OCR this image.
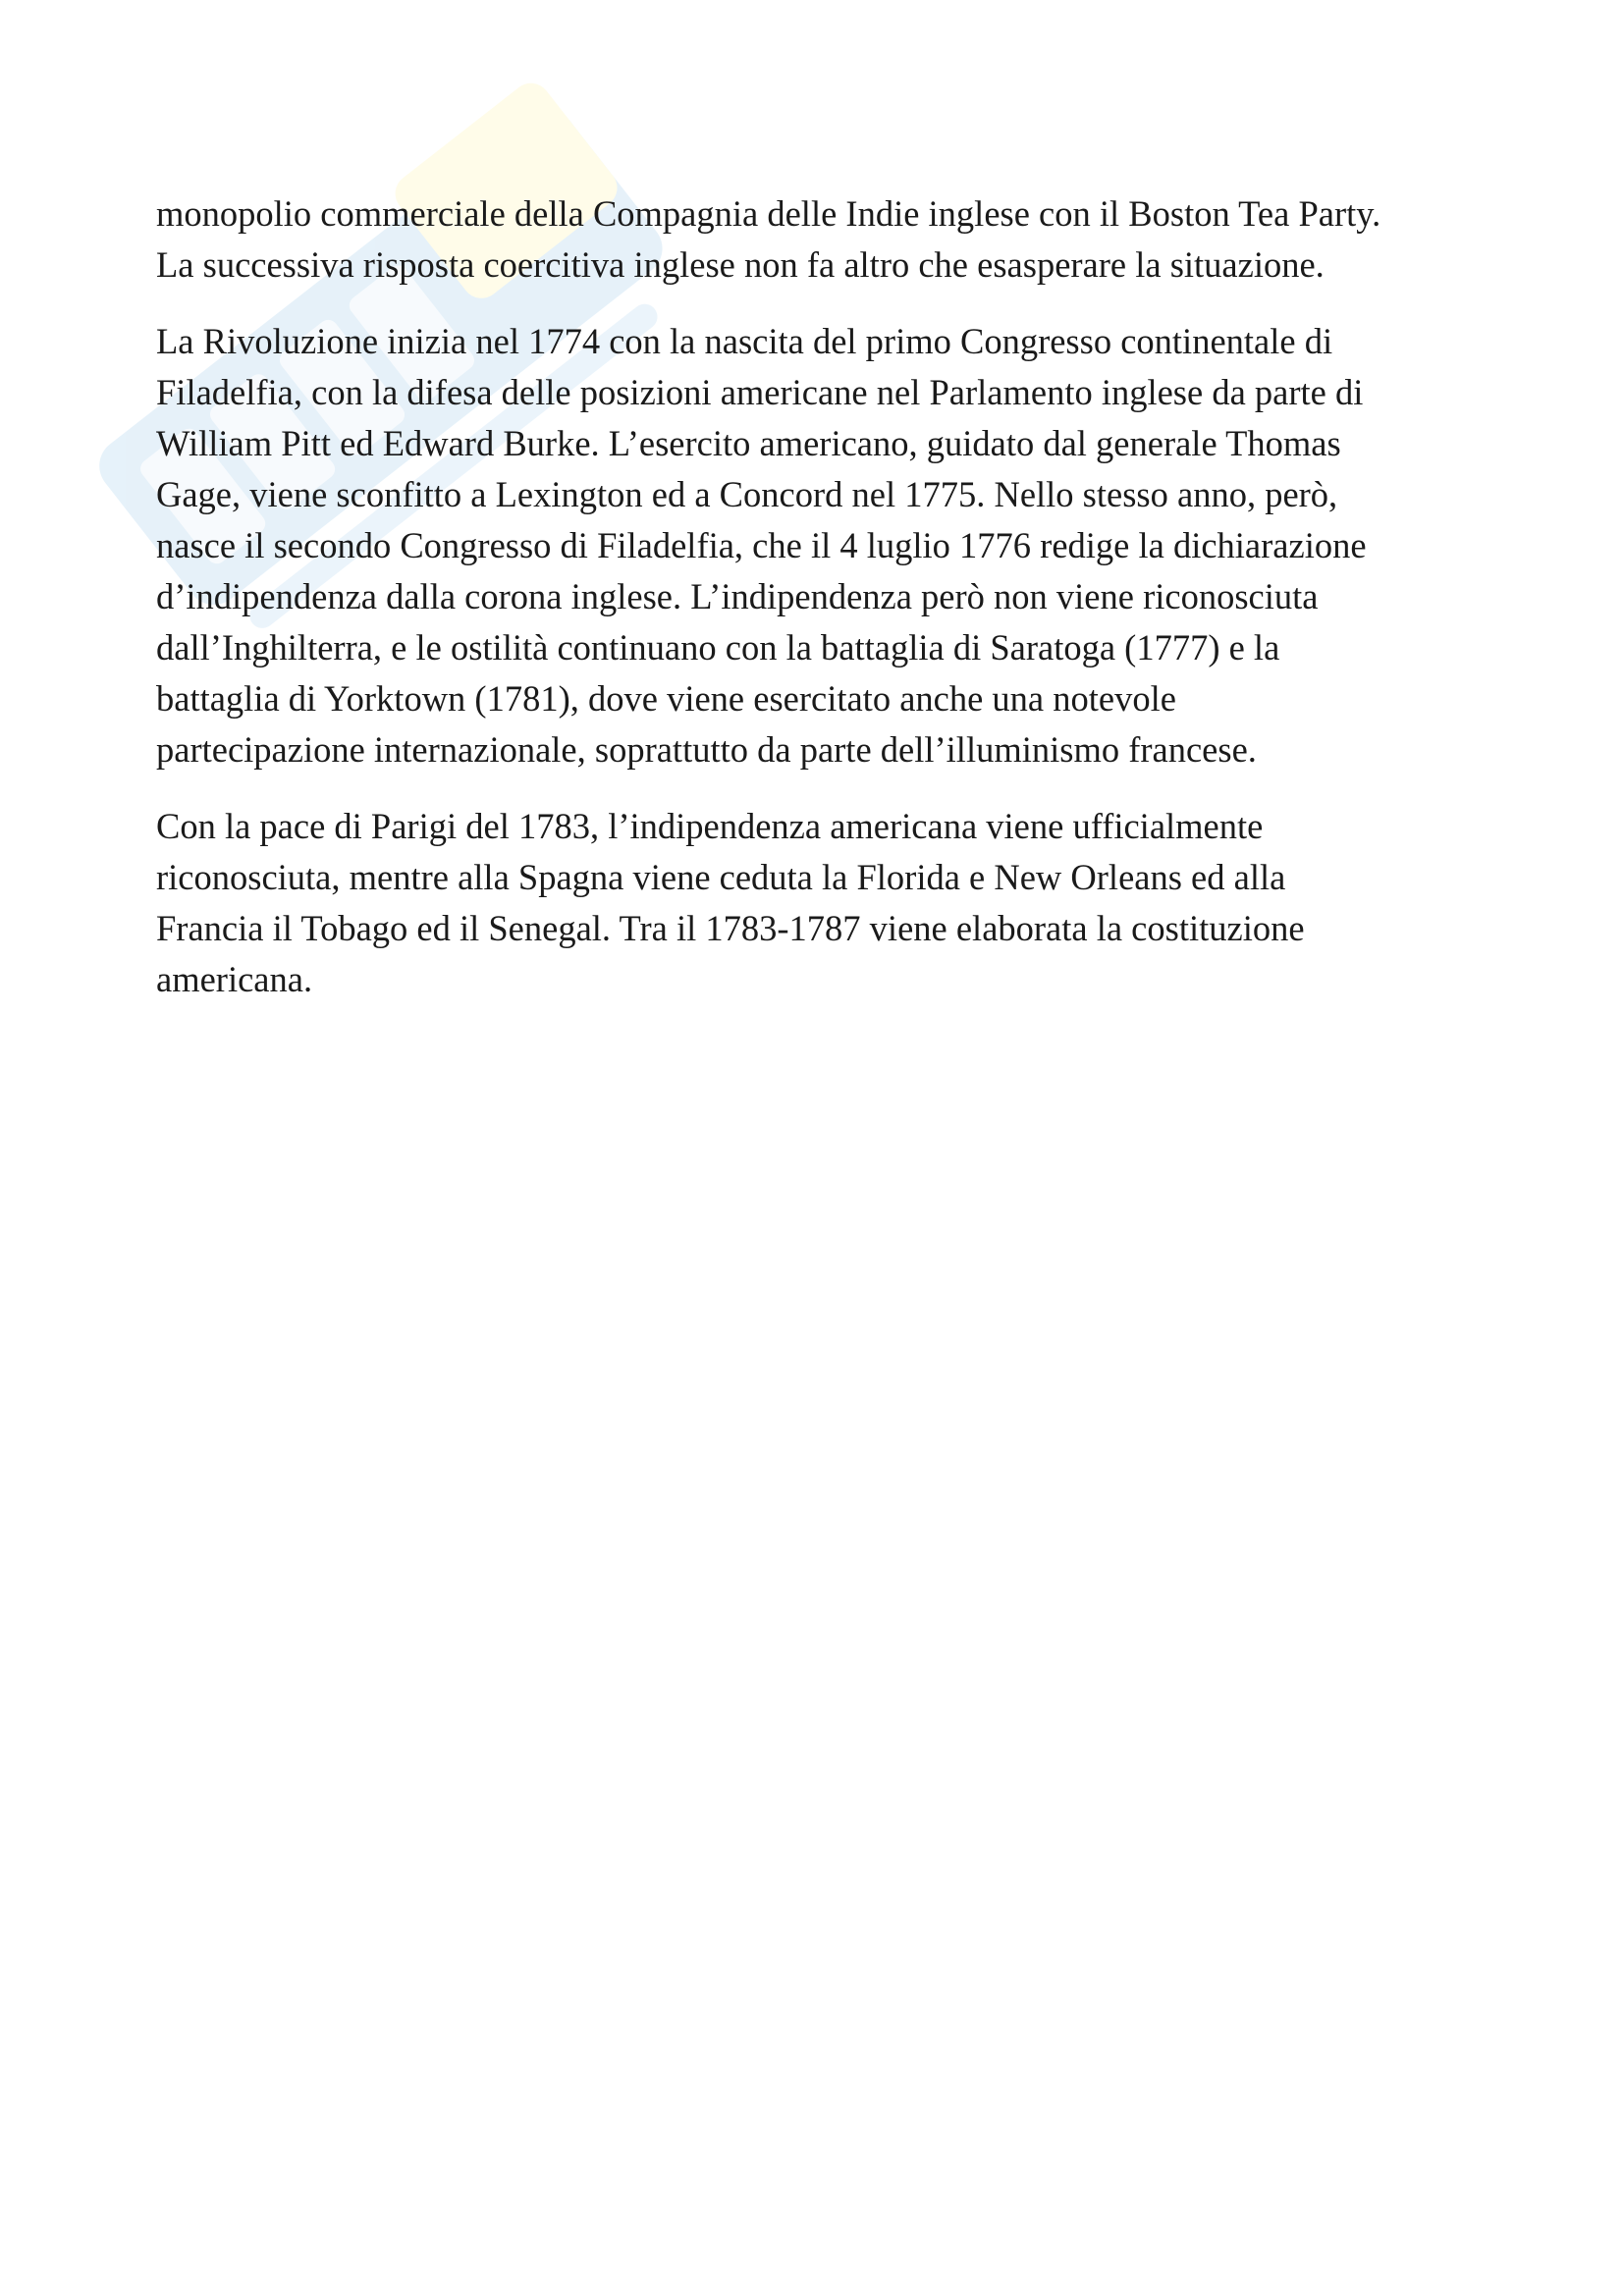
monopolio commerciale della Compagnia delle Indie inglese con il Boston Tea Party.
La successiva risposta coercitiva inglese non fa altro che esasperare la situazione.

La Rivoluzione inizia nel 1774 con la nascita del primo Congresso continentale di
Filadelfia, con la difesa delle posizioni americane nel Parlamento inglese da parte di
William Pitt ed Edward Burke. L’esercito americano, guidato dal generale Thomas
Gage, viene sconfitto a Lexington ed a Concord nel 1775. Nello stesso anno, però,
nasce il secondo Congresso di Filadelfia, che il 4 luglio 1776 redige la dichiarazione
d’indipendenza dalla corona inglese. L’indipendenza però non viene riconosciuta
dall’Inghilterra, e le ostilità continuano con la battaglia di Saratoga (1777) e la
battaglia di Yorktown (1781), dove viene esercitato anche una notevole
partecipazione internazionale, soprattutto da parte dell’illuminismo francese.

Con la pace di Parigi del 1783, l’indipendenza americana viene ufficialmente
riconosciuta, mentre alla Spagna viene ceduta la Florida e New Orleans ed alla
Francia il Tobago ed il Senegal. Tra il 1783-1787 viene elaborata la costituzione
americana.
